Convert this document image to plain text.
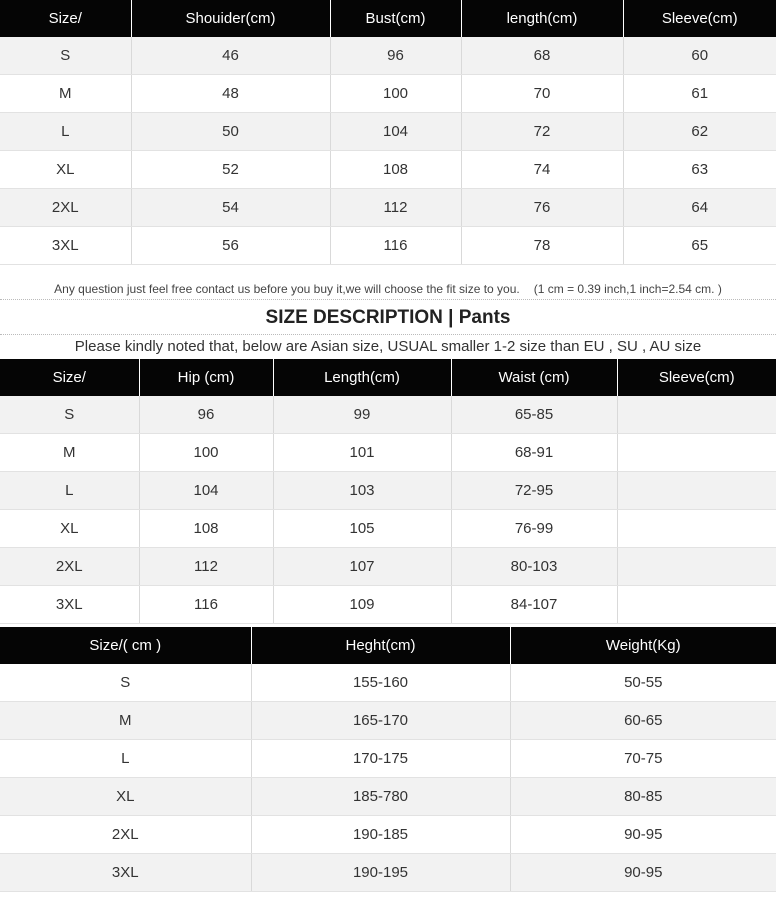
Size/	Shouider(cm)	Bust(cm)	length(cm)	Sleeve(cm)
S	46	96	68	60
M	48	100	70	61
L	50	104	72	62
XL	52	108	74	63
2XL	54	112	76	64
3XL	56	116	78	65
Any question just feel free contact us before you buy it,we will choose the fit size to you. (1 cm = 0.39 inch,1 inch=2.54 cm. )
SIZE DESCRIPTION | Pants
Please kindly noted that, below are Asian size, USUAL smaller 1-2 size than EU , SU , AU size
Size/	Hip (cm)	Length(cm)	Waist (cm)	Sleeve(cm)
S	96	99	65-85	
M	100	101	68-91	
L	104	103	72-95	
XL	108	105	76-99	
2XL	112	107	80-103	
3XL	116	109	84-107	
Size/( cm )	Heght(cm)	Weight(Kg)
S	155-160	50-55
M	165-170	60-65
L	170-175	70-75
XL	185-780	80-85
2XL	190-185	90-95
3XL	190-195	90-95
